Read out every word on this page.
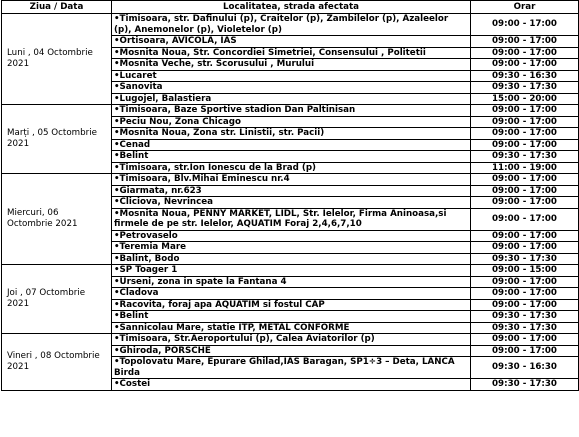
Ziua / Data	Localitatea, strada afectata	Orar
Luni , 04 Octombrie
2021	•Timisoara, str. Dafinului (p), Craitelor (p), Zambilelor (p), Azaleelor (p), Anemonelor (p), Violetelor (p)	09:00 - 17:00
	•Ortisoara, AVICOLA, IAS	09:00 - 17:00
	•Mosnita Noua, Str. Concordiei Simetriei, Consensului , Politetii	09:00 - 17:00
	•Mosnita Veche, str. Scorusului , Murului	09:00 - 17:00
	•Lucaret	09:30 - 16:30
	•Sanovita	09:30 - 17:30
	•Lugojel, Balastiera	15:00 - 20:00
Marți , 05 Octombrie
2021	•Timisoara, Baze Sportive stadion Dan Paltinisan	09:00 - 17:00
	•Peciu Nou, Zona Chicago	09:00 - 17:00
	•Mosnita Noua, Zona str. Linistii, str. Pacii)	09:00 - 17:00
	•Cenad	09:00 - 17:00
	•Belint	09:30 - 17:30
	•Timisoara, str.Ion Ionescu de la Brad (p)	11:00 - 19:00
Miercuri, 06
Octombrie 2021	•Timisoara, Blv.Mihai Eminescu nr.4	09:00 - 17:00
	•Giarmata, nr.623	09:00 - 17:00
	•Cliciova, Nevrincea	09:00 - 17:00
	•Mosnita Noua, PENNY MARKET, LIDL, Str. Ielelor, Firma Aninoasa,si firmele de pe str. Ielelor, AQUATIM Foraj 2,4,6,7,10	09:00 - 17:00
	•Petrovaselo	09:00 - 17:00
	•Teremia Mare	09:00 - 17:00
	•Balint, Bodo	09:30 - 17:30
Joi , 07 Octombrie
2021	•SP Toager 1	09:00 - 15:00
	•Urseni, zona in spate la Fantana 4	09:00 - 17:00
	•Cladova	09:00 - 17:00
	•Racovita, foraj apa AQUATIM si fostul CAP	09:00 - 17:00
	•Belint	09:30 - 17:30
	•Sannicolau Mare, statie ITP, METAL CONFORME	09:30 - 17:30
Vineri , 08 Octombrie
2021	•Timisoara, Str.Aeroportului (p), Calea Aviatorilor (p)	09:00 - 17:00
	•Ghiroda, PORSCHE	09:00 - 17:00
	•Topolovatu Mare, Epurare Ghilad,IAS Baragan, SP1÷3 – Deta, LANCA Birda	09:30 - 16:30
	•Costei	09:30 - 17:30
